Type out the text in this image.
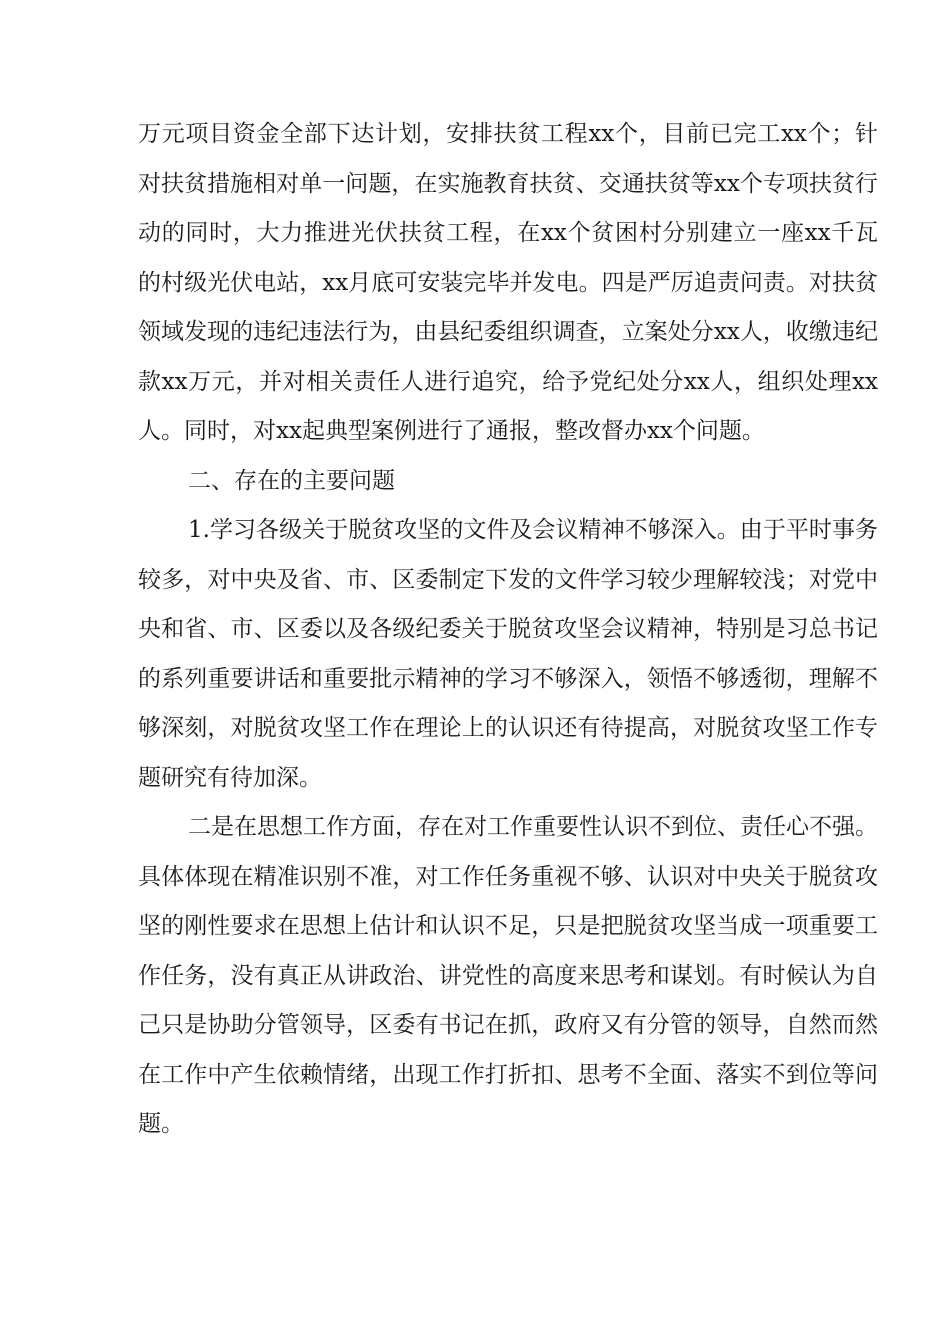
万元项目资金全部下达计划，安排扶贫工程xx个，目前已完工xx个；针对扶贫措施相对单一问题，在实施教育扶贫、交通扶贫等xx个专项扶贫行动的同时，大力推进光伏扶贫工程，在xx个贫困村分别建立一座xx千瓦的村级光伏电站，xx月底可安装完毕并发电。四是严厉追责问责。对扶贫领域发现的违纪违法行为，由县纪委组织调查，立案处分xx人，收缴违纪款xx万元，并对相关责任人进行追究，给予党纪处分xx人，组织处理xx人。同时，对xx起典型案例进行了通报，整改督办xx个问题。

二、存在的主要问题

1.学习各级关于脱贫攻坚的文件及会议精神不够深入。由于平时事务较多，对中央及省、市、区委制定下发的文件学习较少理解较浅；对党中央和省、市、区委以及各级纪委关于脱贫攻坚会议精神，特别是习总书记的系列重要讲话和重要批示精神的学习不够深入，领悟不够透彻，理解不够深刻，对脱贫攻坚工作在理论上的认识还有待提高，对脱贫攻坚工作专题研究有待加深。

二是在思想工作方面，存在对工作重要性认识不到位、责任心不强。具体体现在精准识别不准，对工作任务重视不够、认识对中央关于脱贫攻坚的刚性要求在思想上估计和认识不足，只是把脱贫攻坚当成一项重要工作任务，没有真正从讲政治、讲党性的高度来思考和谋划。有时候认为自己只是协助分管领导，区委有书记在抓，政府又有分管的领导，自然而然在工作中产生依赖情绪，出现工作打折扣、思考不全面、落实不到位等问题。
